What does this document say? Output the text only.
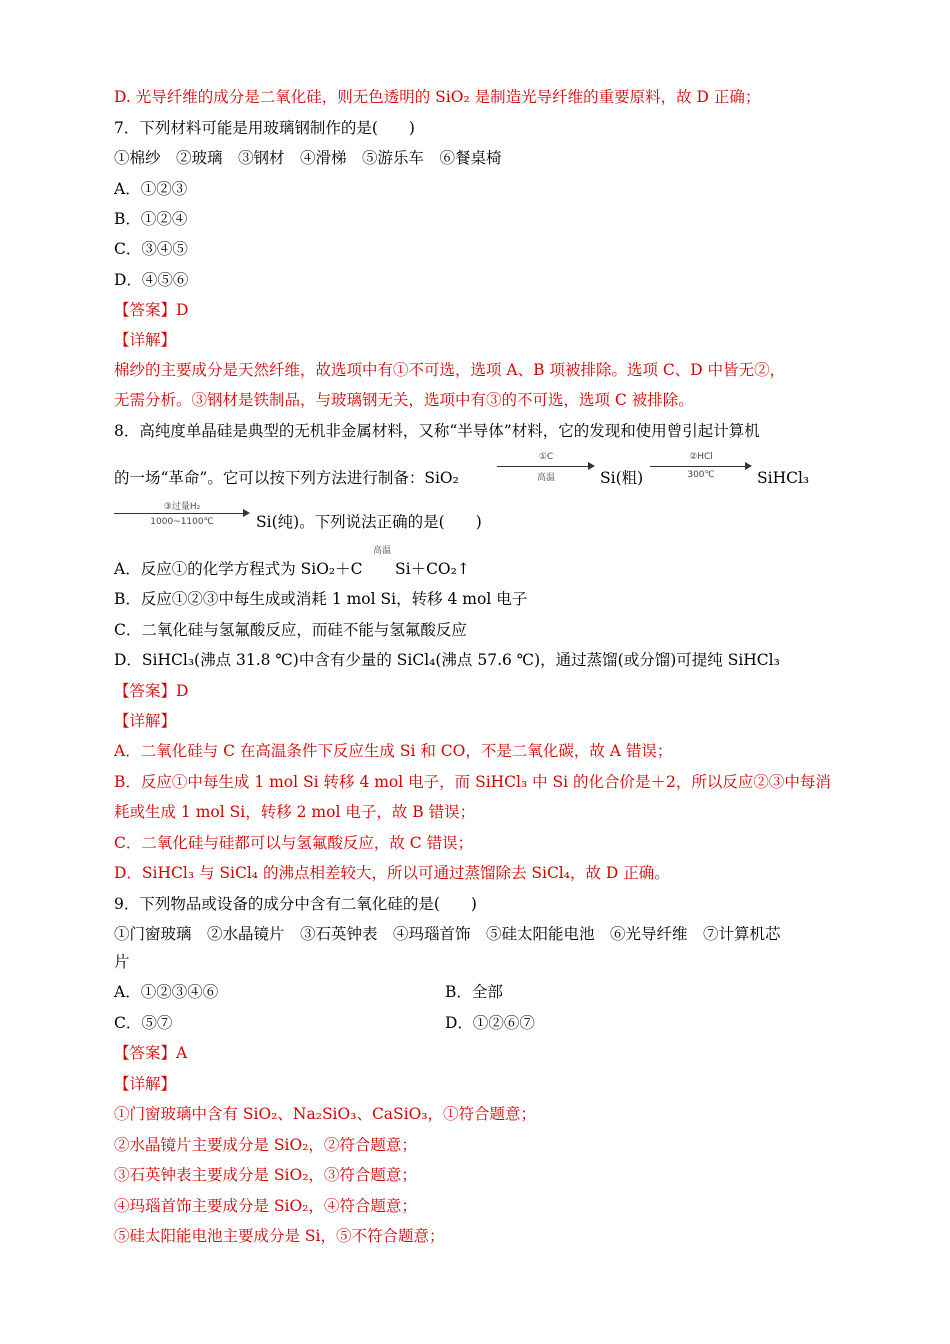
D. 光导纤维的成分是二氧化硅，则无色透明的 SiO₂ 是制造光导纤维的重要原料，故 D 正确；
7．下列材料可能是用玻璃钢制作的是(　　)
①棉纱　②玻璃　③钢材　④滑梯　⑤游乐车　⑥餐桌椅
A．①②③
B．①②④
C．③④⑤
D．④⑤⑥
【答案】D
【详解】
棉纱的主要成分是天然纤维，故选项中有①不可选，选项 A、B 项被排除。选项 C、D 中皆无②，
无需分析。③钢材是铁制品，与玻璃钢无关，选项中有③的不可选，选项 C 被排除。
8．高纯度单晶硅是典型的无机非金属材料，又称“半导体”材料，它的发现和使用曾引起计算机
的一场“革命”。它可以按下列方法进行制备：SiO₂
①C
高温	Si(粗)
②HCl
300℃	SiHCl₃
③过量H₂
1000~1100℃	Si(纯)。下列说法正确的是(　　)
A．反应①的化学方程式为 SiO₂＋C
高温
Si＋CO₂↑
B．反应①②③中每生成或消耗 1 mol Si，转移 4 mol 电子
C．二氧化硅与氢氟酸反应，而硅不能与氢氟酸反应
D．SiHCl₃(沸点 31.8 ℃)中含有少量的 SiCl₄(沸点 57.6 ℃)，通过蒸馏(或分馏)可提纯 SiHCl₃
【答案】D
【详解】
A．二氧化硅与 C 在高温条件下反应生成 Si 和 CO，不是二氧化碳，故 A 错误；
B．反应①中每生成 1 mol Si 转移 4 mol 电子，而 SiHCl₃ 中 Si 的化合价是＋2，所以反应②③中每消
耗或生成 1 mol Si，转移 2 mol 电子，故 B 错误；
C．二氧化硅与硅都可以与氢氟酸反应，故 C 错误；
D．SiHCl₃ 与 SiCl₄ 的沸点相差较大，所以可通过蒸馏除去 SiCl₄，故 D 正确。
9．下列物品或设备的成分中含有二氧化硅的是(　　)
①门窗玻璃　②水晶镜片　③石英钟表　④玛瑙首饰　⑤硅太阳能电池　⑥光导纤维　⑦计算机芯
片
A．①②③④⑥	B．全部
C．⑤⑦	D．①②⑥⑦
【答案】A
【详解】
①门窗玻璃中含有 SiO₂、Na₂SiO₃、CaSiO₃，①符合题意；
②水晶镜片主要成分是 SiO₂，②符合题意；
③石英钟表主要成分是 SiO₂，③符合题意；
④玛瑙首饰主要成分是 SiO₂，④符合题意；
⑤硅太阳能电池主要成分是 Si，⑤不符合题意；
